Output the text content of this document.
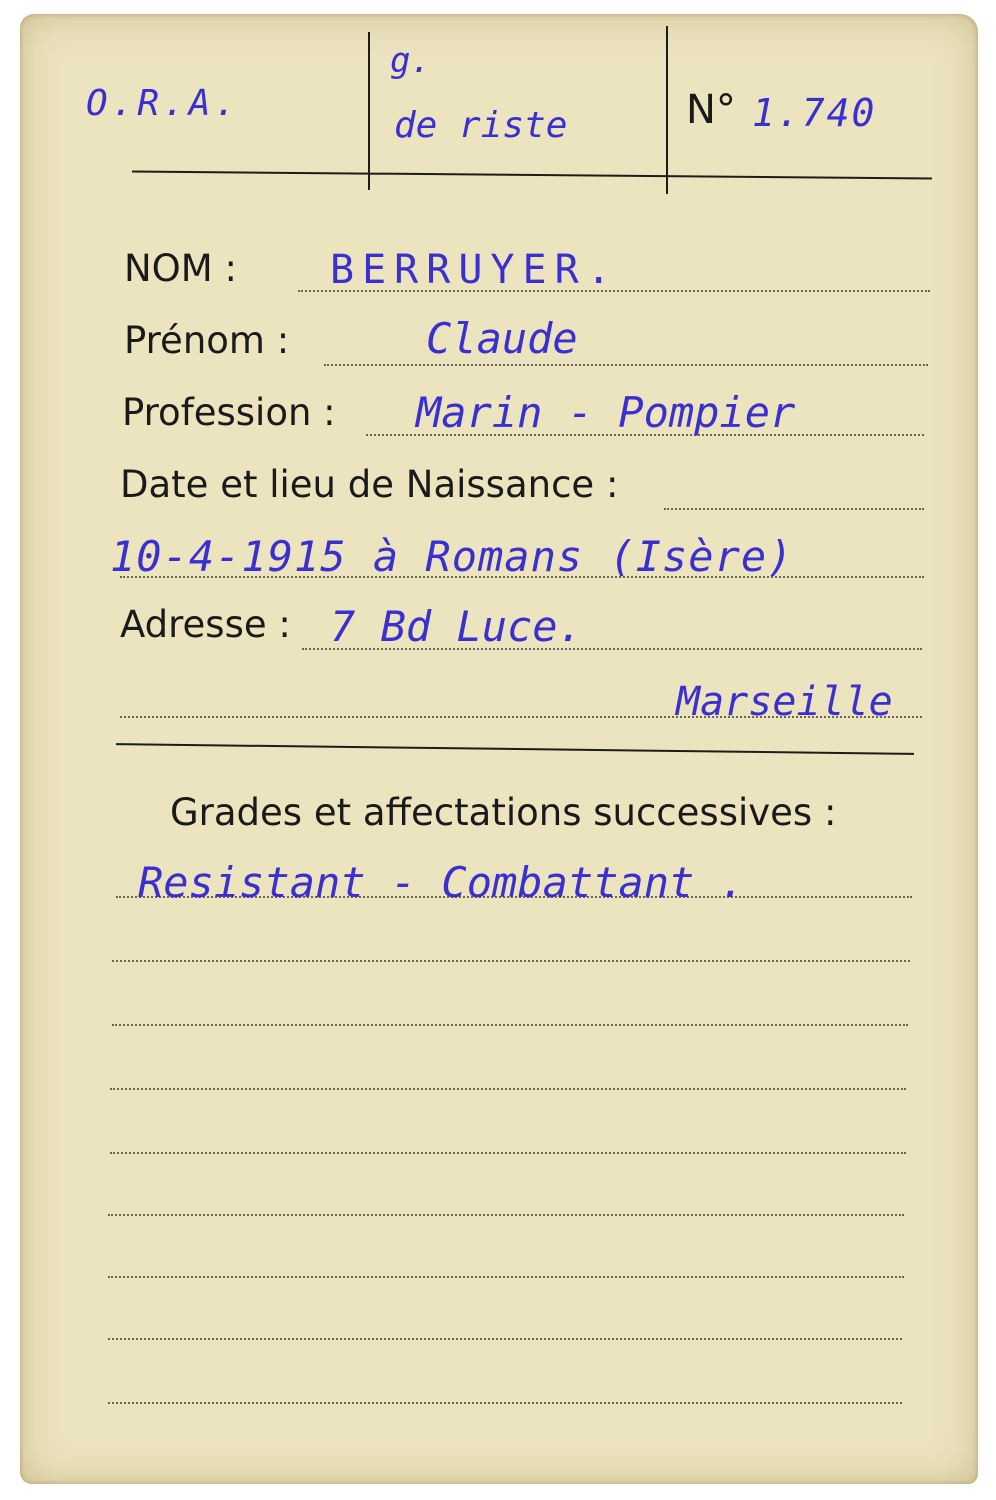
O.R.A.
g.
de riste	N° 1.740
NOM : BERRUYER.
Prénom :	Claude
Profession : Marin - Pompier
Date et lieu de Naissance :
10-4-1915 à Romans (Isère)
Adresse : 7 Bd Luce.
Marseille
Grades et affectations successives :
Resistant - Combattant .
